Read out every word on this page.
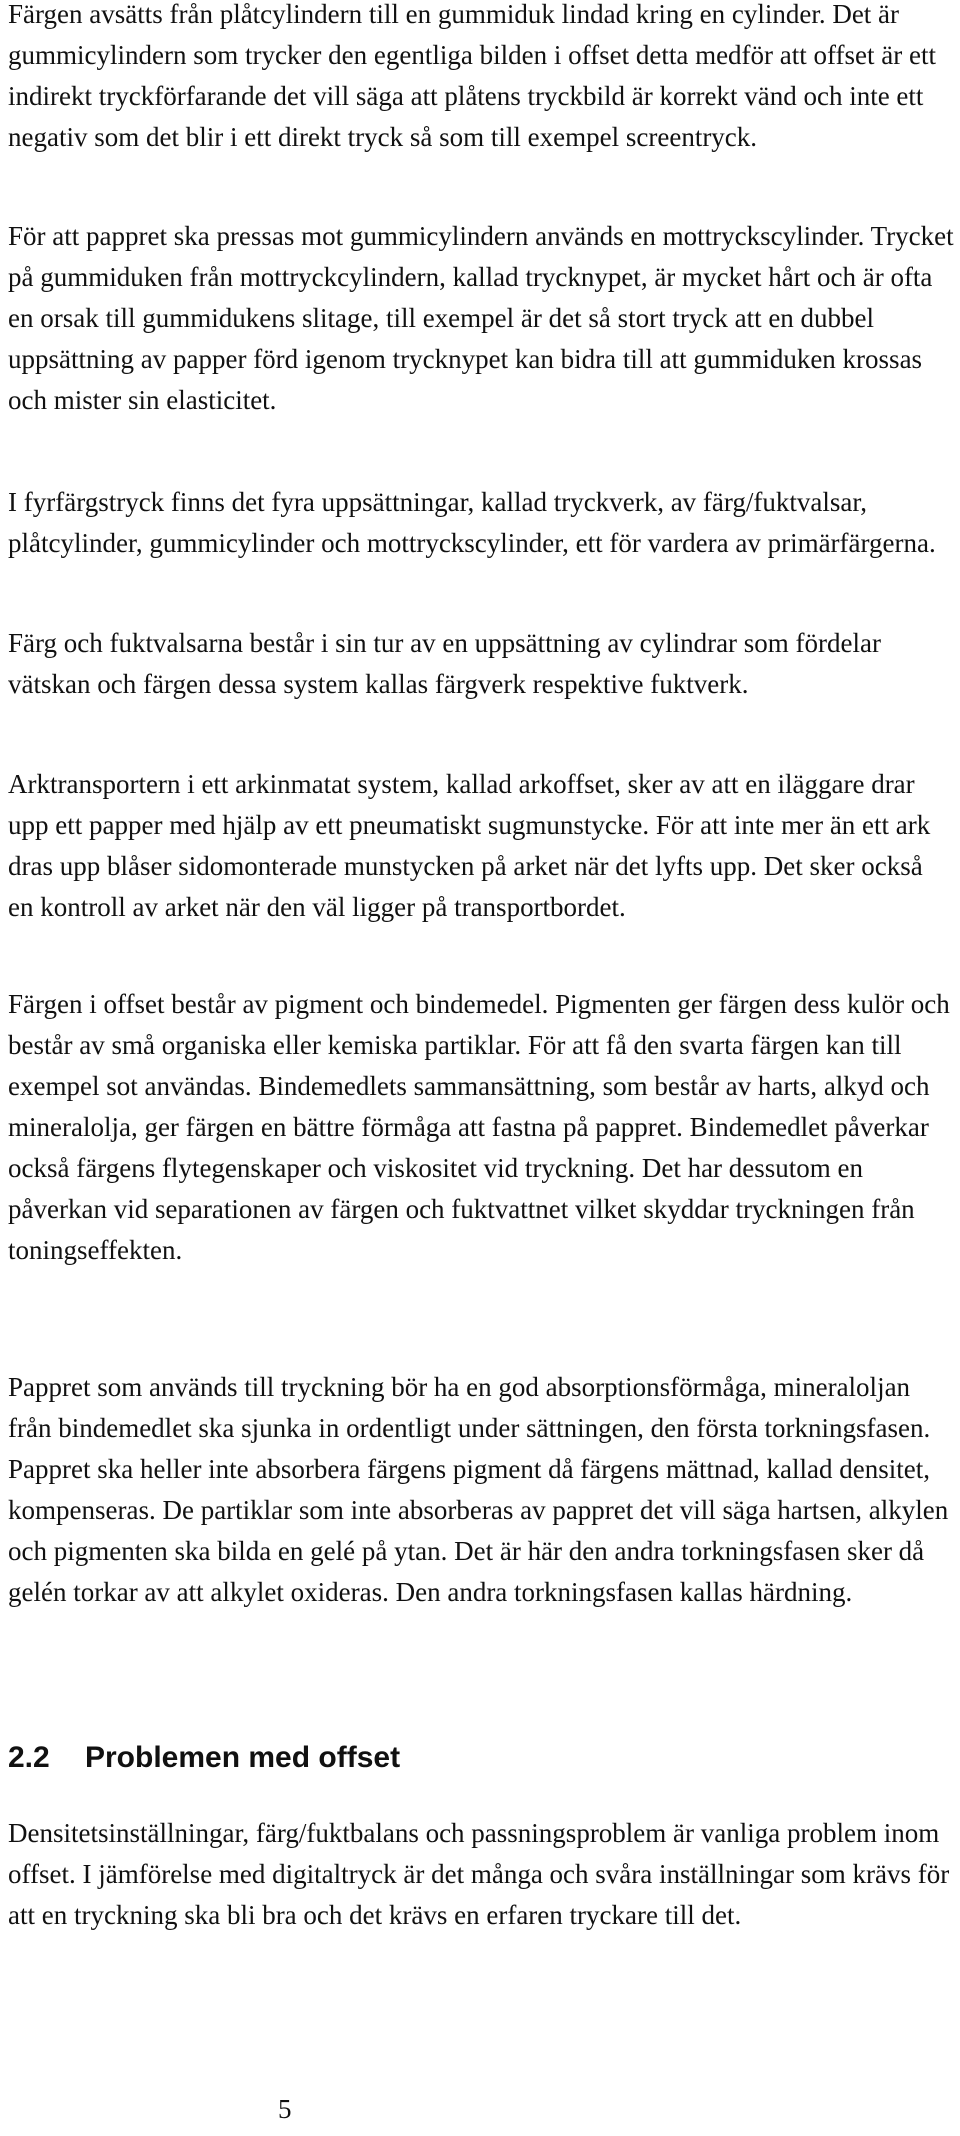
Färgen avsätts från plåtcylindern till en gummiduk lindad kring en cylinder. Det är gummicylindern som trycker den egentliga bilden i offset detta medför att offset är ett indirekt tryckförfarande det vill säga att plåtens tryckbild är korrekt vänd och inte ett negativ som det blir i ett direkt tryck så som till exempel screentryck.

För att pappret ska pressas mot gummicylindern används en mottryckscylinder. Trycket på gummiduken från mottryckcylindern, kallad trycknypet, är mycket hårt och är ofta en orsak till gummidukens slitage, till exempel är det så stort tryck att en dubbel uppsättning av papper förd igenom trycknypet kan bidra till att gummiduken krossas och mister sin elasticitet.

I fyrfärgstryck finns det fyra uppsättningar, kallad tryckverk, av färg/fuktvalsar, plåtcylinder, gummicylinder och mottryckscylinder, ett för vardera av primärfärgerna.

Färg och fuktvalsarna består i sin tur av en uppsättning av cylindrar som fördelar vätskan och färgen dessa system kallas färgverk respektive fuktverk.

Arktransportern i ett arkinmatat system, kallad arkoffset, sker av att en iläggare drar upp ett papper med hjälp av ett pneumatiskt sugmunstycke. För att inte mer än ett ark dras upp blåser sidomonterade munstycken på arket när det lyfts upp. Det sker också en kontroll av arket när den väl ligger på transportbordet.

Färgen i offset består av pigment och bindemedel. Pigmenten ger färgen dess kulör och består av små organiska eller kemiska partiklar. För att få den svarta färgen kan till exempel sot användas. Bindemedlets sammansättning, som består av harts, alkyd och mineralolja, ger färgen en bättre förmåga att fastna på pappret. Bindemedlet påverkar också färgens flytegenskaper och viskositet vid tryckning. Det har dessutom en påverkan vid separationen av färgen och fuktvattnet vilket skyddar tryckningen från toningseffekten.

Pappret som används till tryckning bör ha en god absorptionsförmåga, mineraloljan från bindemedlet ska sjunka in ordentligt under sättningen, den första torkningsfasen. Pappret ska heller inte absorbera färgens pigment då färgens mättnad, kallad densitet, kompenseras. De partiklar som inte absorberas av pappret det vill säga hartsen, alkylen och pigmenten ska bilda en gelé på ytan. Det är här den andra torkningsfasen sker då gelén torkar av att alkylet oxideras. Den andra torkningsfasen kallas härdning.

2.2 Problemen med offset

Densitetsinställningar, färg/fuktbalans och passningsproblem är vanliga problem inom offset. I jämförelse med digitaltryck är det många och svåra inställningar som krävs för att en tryckning ska bli bra och det krävs en erfaren tryckare till det.

5
